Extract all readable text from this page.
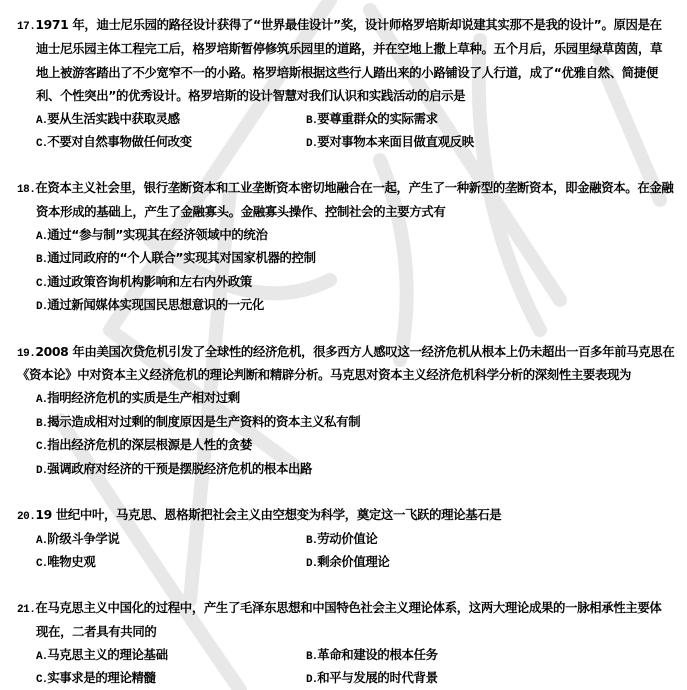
17.1971 年，迪士尼乐园的路径设计获得了“世界最佳设计”奖，设计师格罗培斯却说建其实那不是我的设计”。原因是在
迪士尼乐园主体工程完工后，格罗培斯暂停修筑乐园里的道路，并在空地上撒上草种。五个月后，乐园里绿草茵茵，草
地上被游客踏出了不少宽窄不一的小路。格罗培斯根据这些行人踏出来的小路铺设了人行道，成了“优雅自然、简捷便
利、个性突出”的优秀设计。格罗培斯的设计智慧对我们认识和实践活动的启示是
A.要从生活实践中获取灵感	B.要尊重群众的实际需求
C.不要对自然事物做任何改变	D.要对事物本来面目做直观反映
18.在资本主义社会里，银行垄断资本和工业垄断资本密切地融合在一起，产生了一种新型的垄断资本，即金融资本。在金融
资本形成的基础上，产生了金融寡头。金融寡头操作、控制社会的主要方式有
A.通过“参与制”实现其在经济领域中的统治
B.通过同政府的“个人联合”实现其对国家机器的控制
C.通过政策咨询机构影响和左右内外政策
D.通过新闻媒体实现国民思想意识的一元化
19.2008 年由美国次贷危机引发了全球性的经济危机，很多西方人感叹这一经济危机从根本上仍未超出一百多年前马克思在
《资本论》中对资本主义经济危机的理论判断和精辟分析。马克思对资本主义经济危机科学分析的深刻性主要表现为
A.指明经济危机的实质是生产相对过剩
B.揭示造成相对过剩的制度原因是生产资料的资本主义私有制
C.指出经济危机的深层根源是人性的贪婪
D.强调政府对经济的干预是摆脱经济危机的根本出路
20.19 世纪中叶，马克思、恩格斯把社会主义由空想变为科学，奠定这一飞跃的理论基石是
A.阶级斗争学说	B.劳动价值论
C.唯物史观	D.剩余价值理论
21.在马克思主义中国化的过程中，产生了毛泽东思想和中国特色社会主义理论体系，这两大理论成果的一脉相承性主要体
现在，二者具有共同的
A.马克思主义的理论基础	B.革命和建设的根本任务
C.实事求是的理论精髓	D.和平与发展的时代背景
